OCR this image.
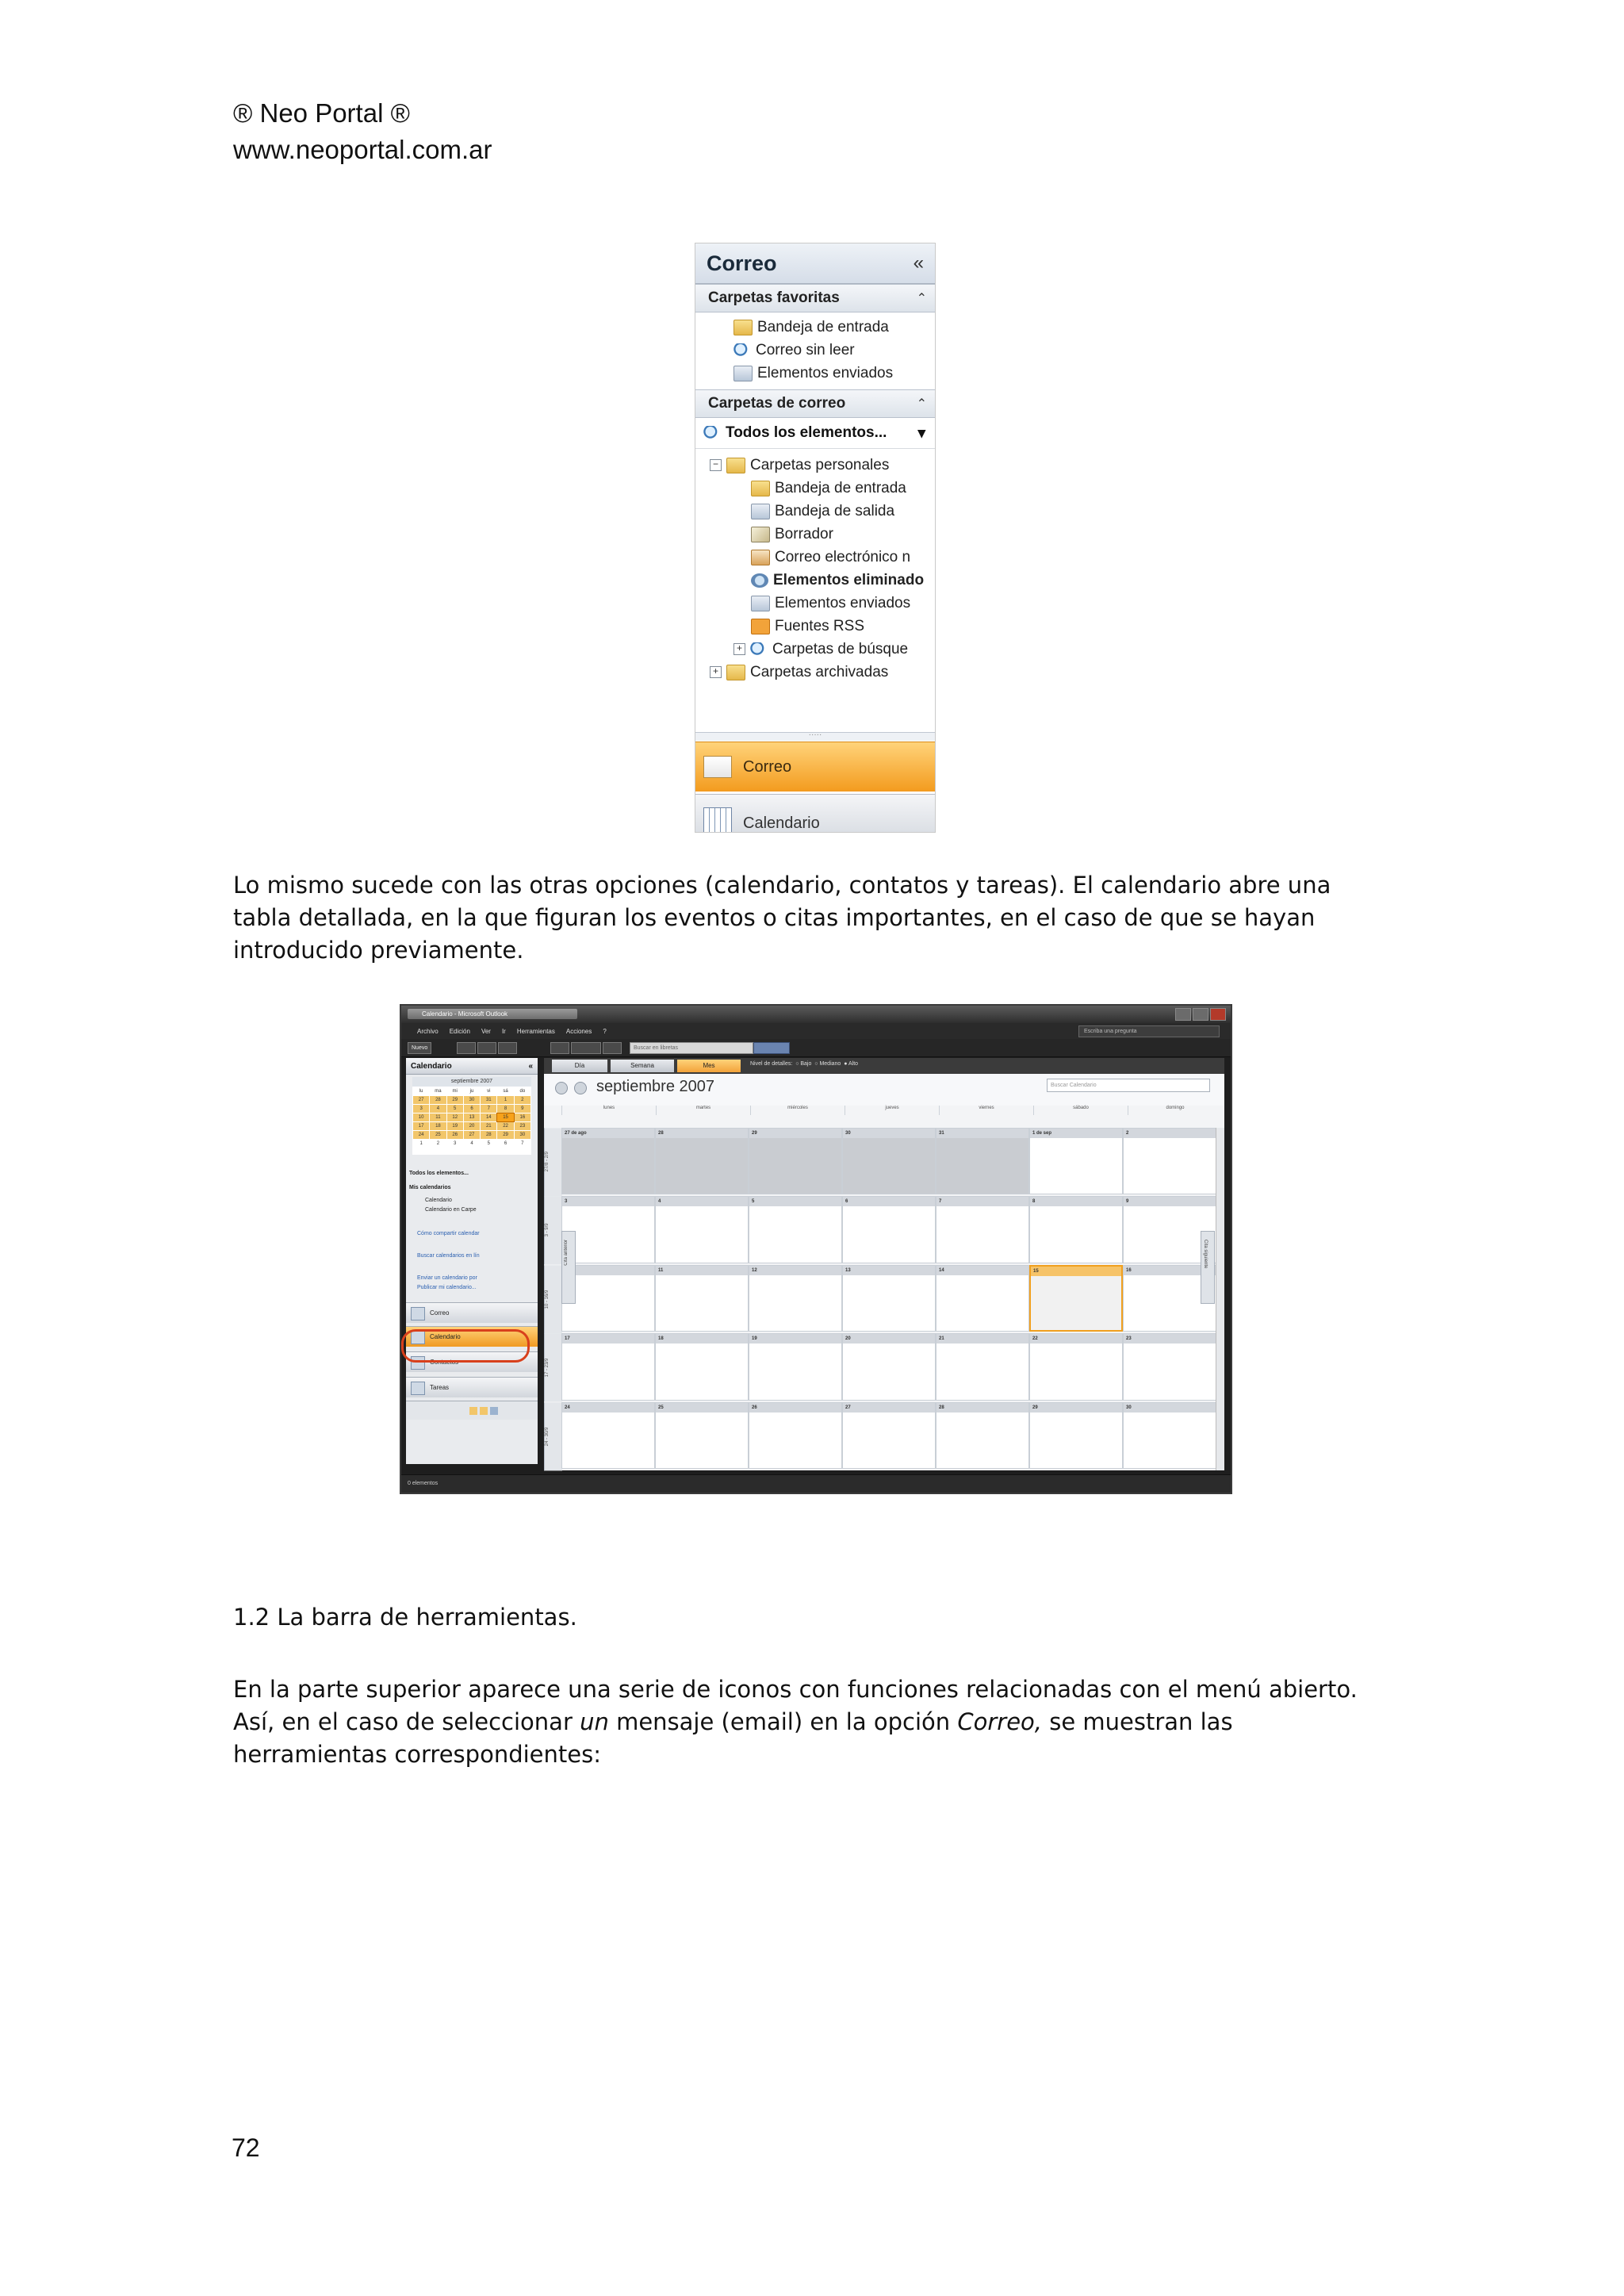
® Neo Portal ®
www.neoportal.com.ar
Correo	«
Carpetas favoritas	⌃
Bandeja de entrada
Correo sin leer
Elementos enviados
Carpetas de correo	⌃
Todos los elementos... ▾
− Carpetas personales
Bandeja de entrada
Bandeja de salida
Borrador
Correo electrónico n
Elementos eliminado
Elementos enviados
Fuentes RSS
+ Carpetas de búsque
+ Carpetas archivadas
·····
Correo
Calendario
Lo mismo sucede con las otras opciones (calendario, contatos y tareas). El calendario abre una
tabla detallada, en la que figuran los eventos o citas importantes, en el caso de que se hayan
introducido previamente.
Calendario - Microsoft Outlook
Archivo Edición Ver Ir Herramientas Acciones ?	Escriba una pregunta
Nuevo	Buscar en libretas
Calendario	«
septiembre 2007
lu	ma	mi	ju	vi	sá	do
27	28	29	30	31	1	2
3	4	5	6	7	8	9
10	11	12	13	14	15	16
17	18	19	20	21	22	23
24	25	26	27	28	29	30
1	2	3	4	5	6	7
Todos los elementos...
Mis calendarios
Calendario
Calendario en Carpe
Cómo compartir calendar
Buscar calendarios en lín
Enviar un calendario por
Publicar mi calendario...
Correo
Calendario
Contactos
Tareas
Día	Semana	Mes	Nivel de detalles:  ○ Bajo  ○ Mediano  ● Alto
septiembre 2007	Buscar Calendario
lunes	martes	miércoles	jueves	viernes	sábado	domingo
27/8 - 2/9
27 de ago	28	29	30	31	1 de sep	2
3 - 9/9
3	4	5	6	7	8	9
10 - 16/9
11	12	13	14	15	16
17 - 23/9
17	18	19	20	21	22	23
24 - 30/9
24	25	26	27	28	29	30
Cita anterior	Cita siguiente
0 elementos
1.2 La barra de herramientas.
En la parte superior aparece una serie de iconos con funciones relacionadas con el menú abierto.
Así, en el caso de seleccionar un mensaje (email) en la opción Correo, se muestran las
herramientas correspondientes:
72
